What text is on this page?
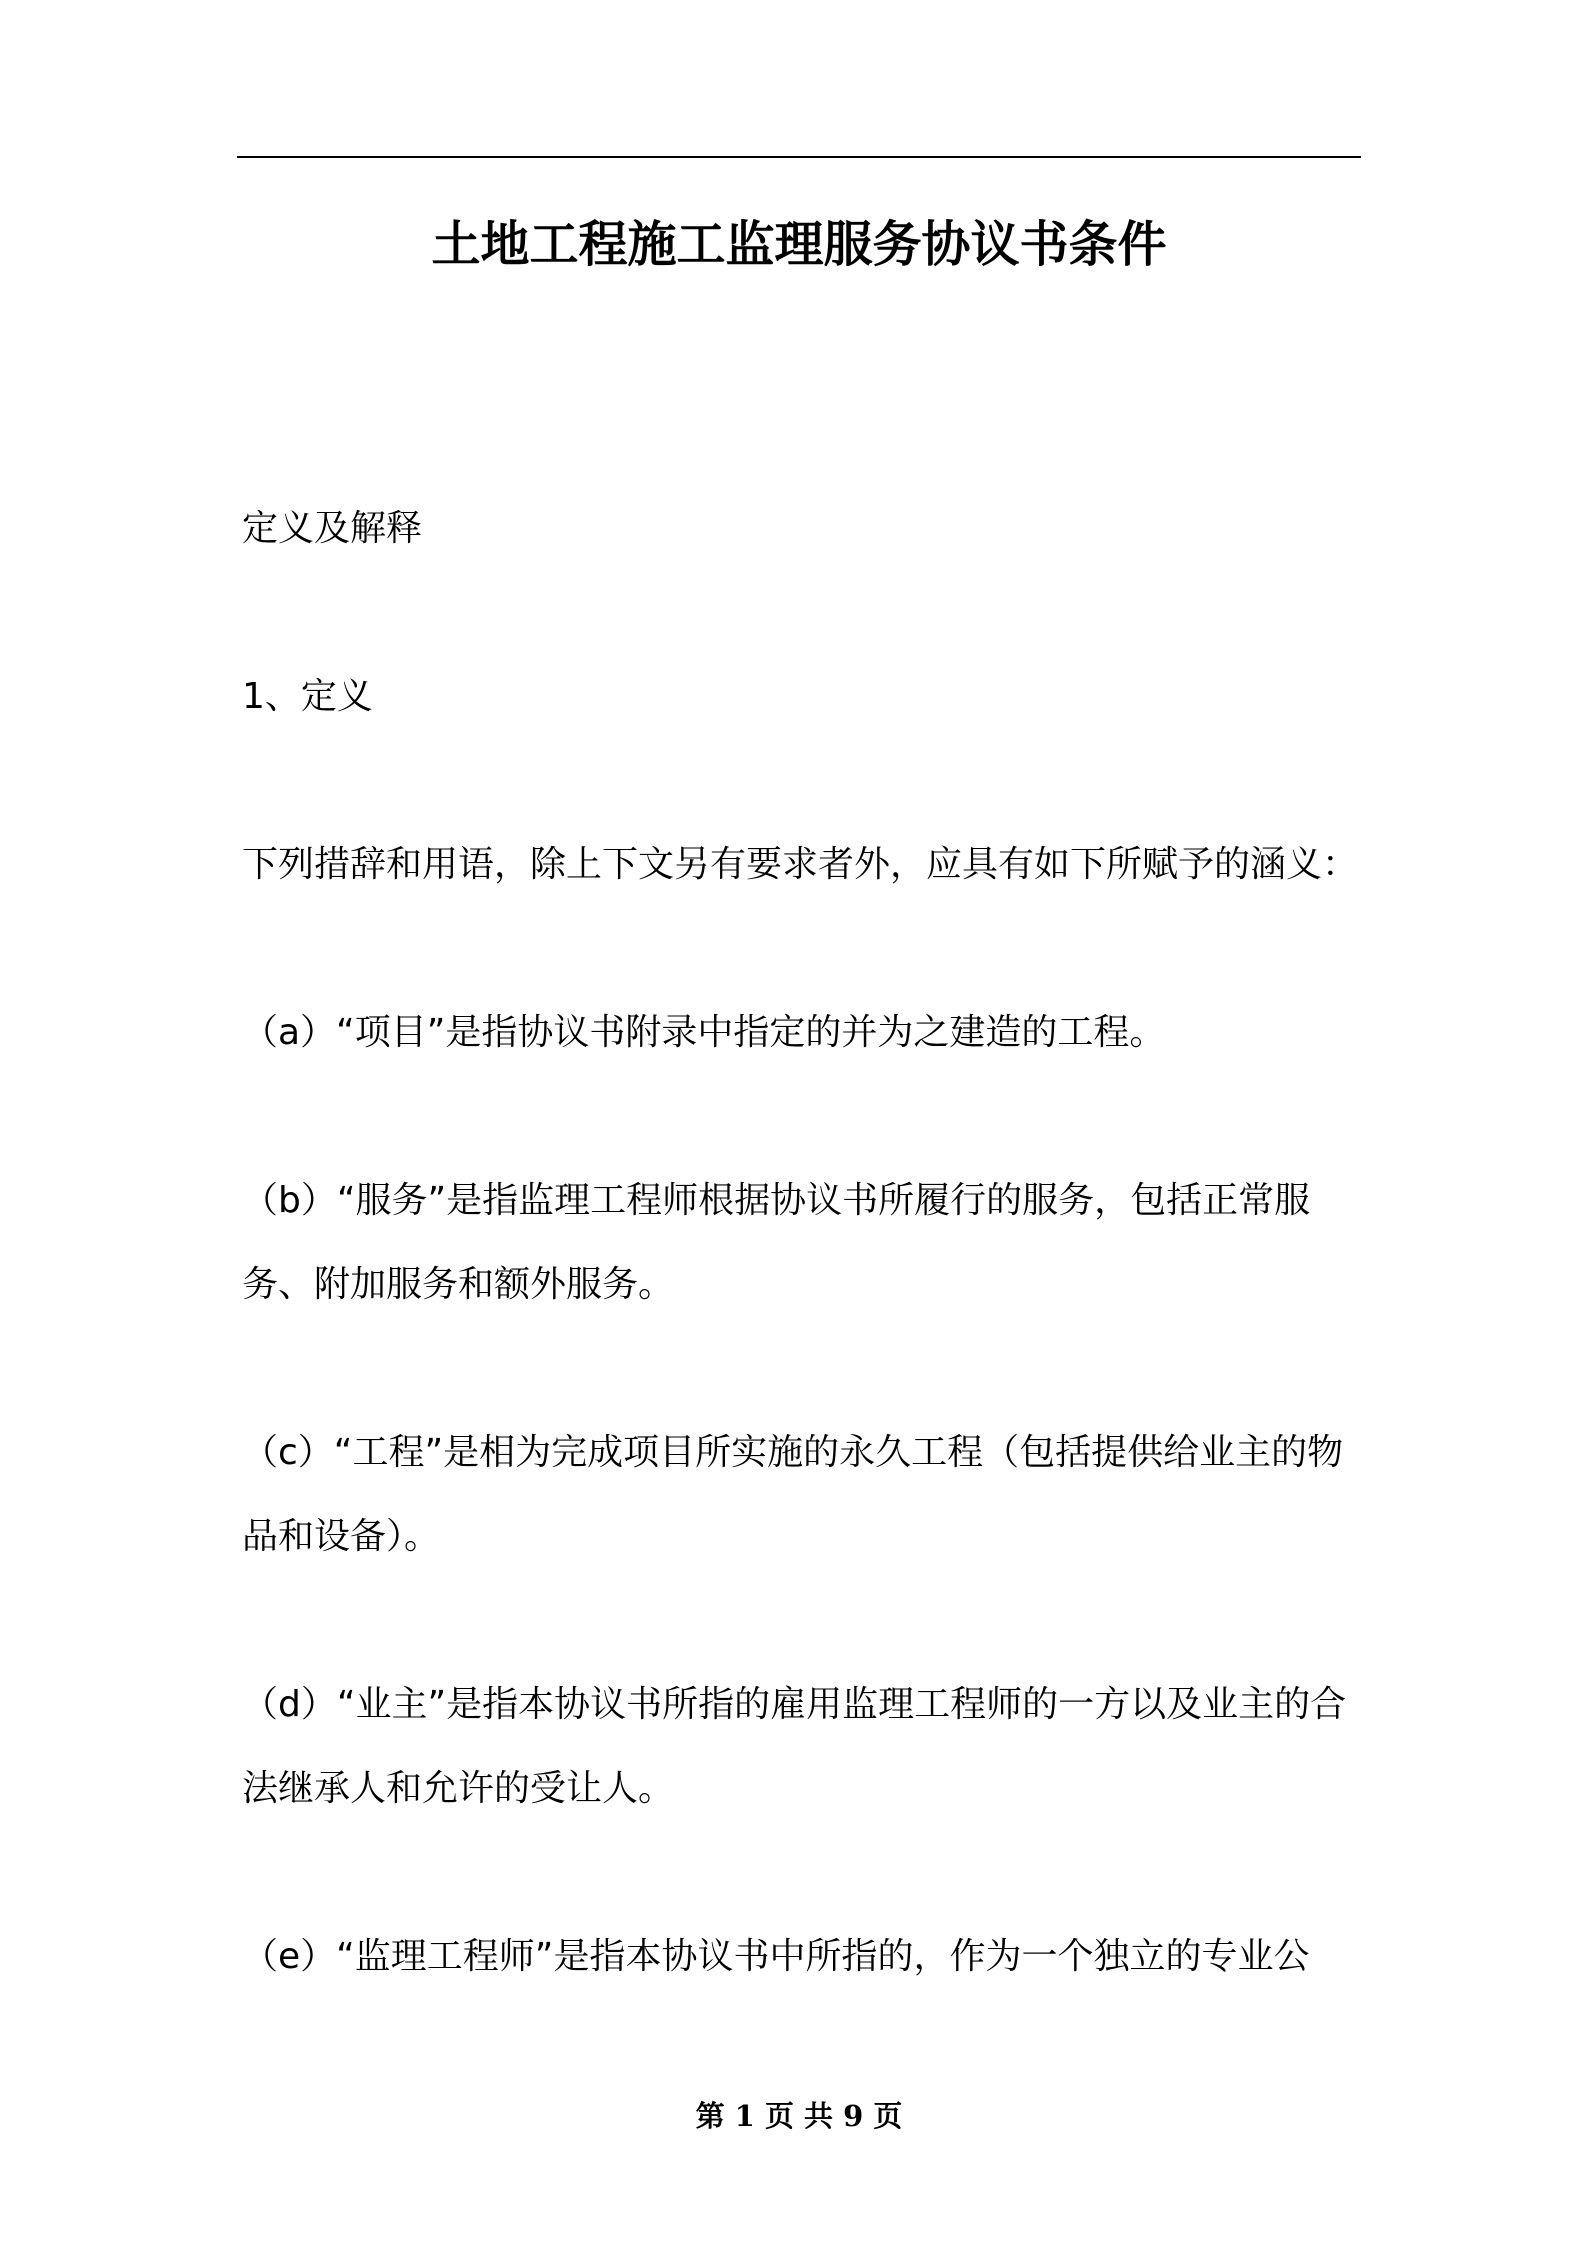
土地工程施工监理服务协议书条件

定义及解释

1、定义

下列措辞和用语，除上下文另有要求者外，应具有如下所赋予的涵义：

（a）“项目”是指协议书附录中指定的并为之建造的工程。

（b）“服务”是指监理工程师根据协议书所履行的服务，包括正常服务、附加服务和额外服务。

（c）“工程”是相为完成项目所实施的永久工程（包括提供给业主的物品和设备）。

（d）“业主”是指本协议书所指的雇用监理工程师的一方以及业主的合法继承人和允许的受让人。

（e）“监理工程师”是指本协议书中所指的，作为一个独立的专业公

第 1 页 共 9 页
